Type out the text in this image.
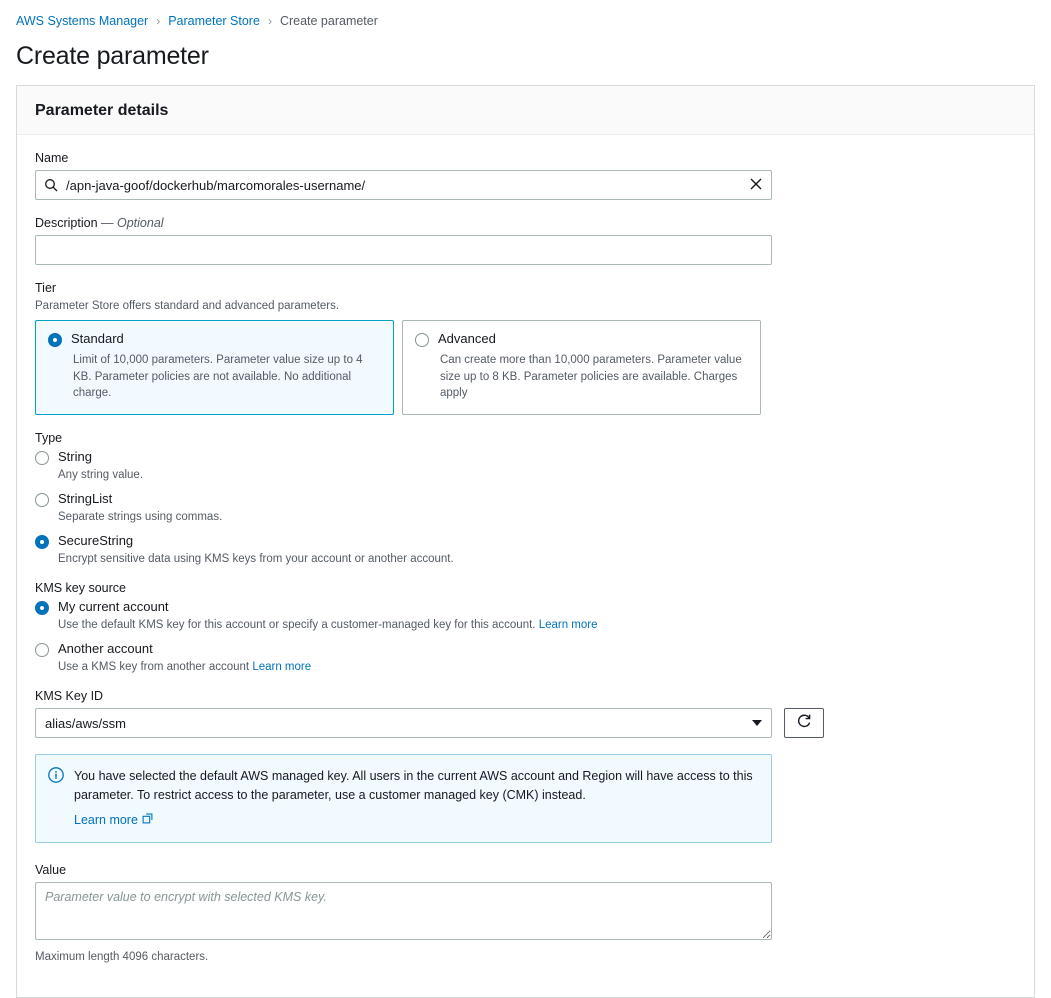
AWS Systems Manager › Parameter Store › Create parameter
Create parameter
Parameter details
Name
/apn-java-goof/dockerhub/marcomorales-username/
Description — Optional
Tier
Parameter Store offers standard and advanced parameters.
Standard
Limit of 10,000 parameters. Parameter value size up to 4 KB. Parameter policies are not available. No additional charge.
Advanced
Can create more than 10,000 parameters. Parameter value size up to 8 KB. Parameter policies are available. Charges apply
Type
String
Any string value.
StringList
Separate strings using commas.
SecureString
Encrypt sensitive data using KMS keys from your account or another account.
KMS key source
My current account
Use the default KMS key for this account or specify a customer-managed key for this account. Learn more
Another account
Use a KMS key from another account Learn more
KMS Key ID
alias/aws/ssm
You have selected the default AWS managed key. All users in the current AWS account and Region will have access to this parameter. To restrict access to the parameter, use a customer managed key (CMK) instead.

Learn more
Value
Parameter value to encrypt with selected KMS key.
Maximum length 4096 characters.
